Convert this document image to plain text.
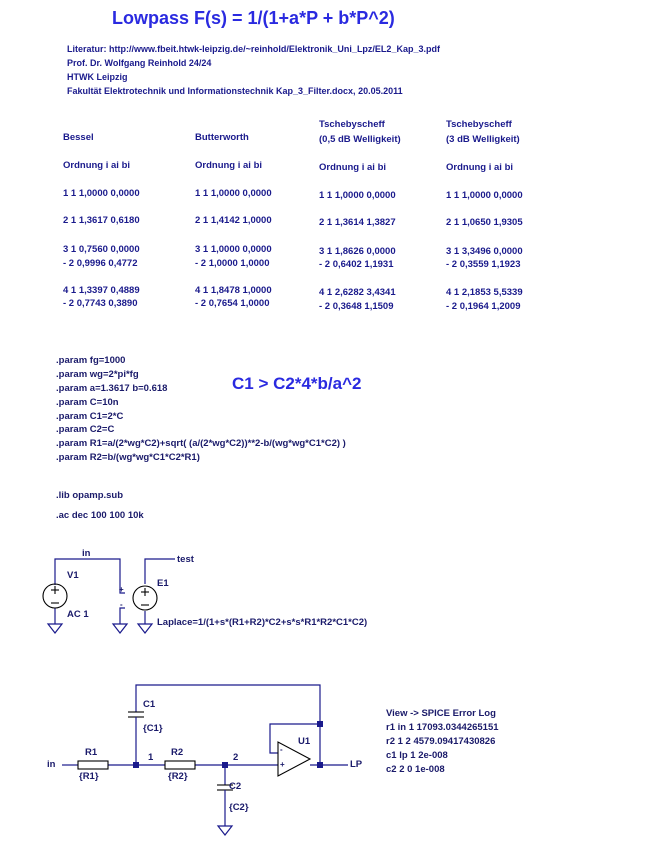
Lowpass F(s) = 1/(1+a*P + b*P^2)
Literatur: http://www.fbeit.htwk-leipzig.de/~reinhold/Elektronik_Uni_Lpz/EL2_Kap_3.pdf
Prof. Dr. Wolfgang Reinhold 24/24
HTWK Leipzig
Fakultät Elektrotechnik und Informationstechnik Kap_3_Filter.docx, 20.05.2011
Bessel
Ordnung i ai bi
1 1 1,0000 0,0000
2 1 1,3617 0,6180
3 1 0,7560 0,0000
- 2 0,9996 0,4772
4 1 1,3397 0,4889
- 2 0,7743 0,3890
Butterworth
Ordnung i ai bi
1 1 1,0000 0,0000
2 1 1,4142 1,0000
3 1 1,0000 0,0000
- 2 1,0000 1,0000
4 1 1,8478 1,0000
- 2 0,7654 1,0000
Tschebyscheff
(0,5 dB Welligkeit)
Ordnung i ai bi
1 1 1,0000 0,0000
2 1 1,3614 1,3827
3 1 1,8626 0,0000
- 2 0,6402 1,1931
4 1 2,6282 3,4341
- 2 0,3648 1,1509
Tschebyscheff
(3 dB Welligkeit)
Ordnung i ai bi
1 1 1,0000 0,0000
2 1 1,0650 1,9305
3 1 3,3496 0,0000
- 2 0,3559 1,1923
4 1 2,1853 5,5339
- 2 0,1964 1,2009
.param fg=1000
.param wg=2*pi*fg
.param a=1.3617 b=0.618
.param C=10n
.param C1=2*C
.param C2=C
.param R1=a/(2*wg*C2)+sqrt( (a/(2*wg*C2))**2-b/(wg*wg*C1*C2) )
.param R2=b/(wg*wg*C1*C2*R1)
C1 > C2*4*b/a^2
.lib opamp.sub
.ac dec 100 100 10k
in
test
V1
AC 1
E1
+
-
Laplace=1/(1+s*(R1+R2)*C2+s*s*R1*R2*C1*C2)
C1
{C1}
R1
{R1}
R2
{R2}
1	2
C2
{C2}
U1
-
+	LP
in
View -> SPICE Error Log
r1 in 1 17093.0344265151
r2 1 2 4579.09417430826
c1 lp 1 2e-008
c2 2 0 1e-008
